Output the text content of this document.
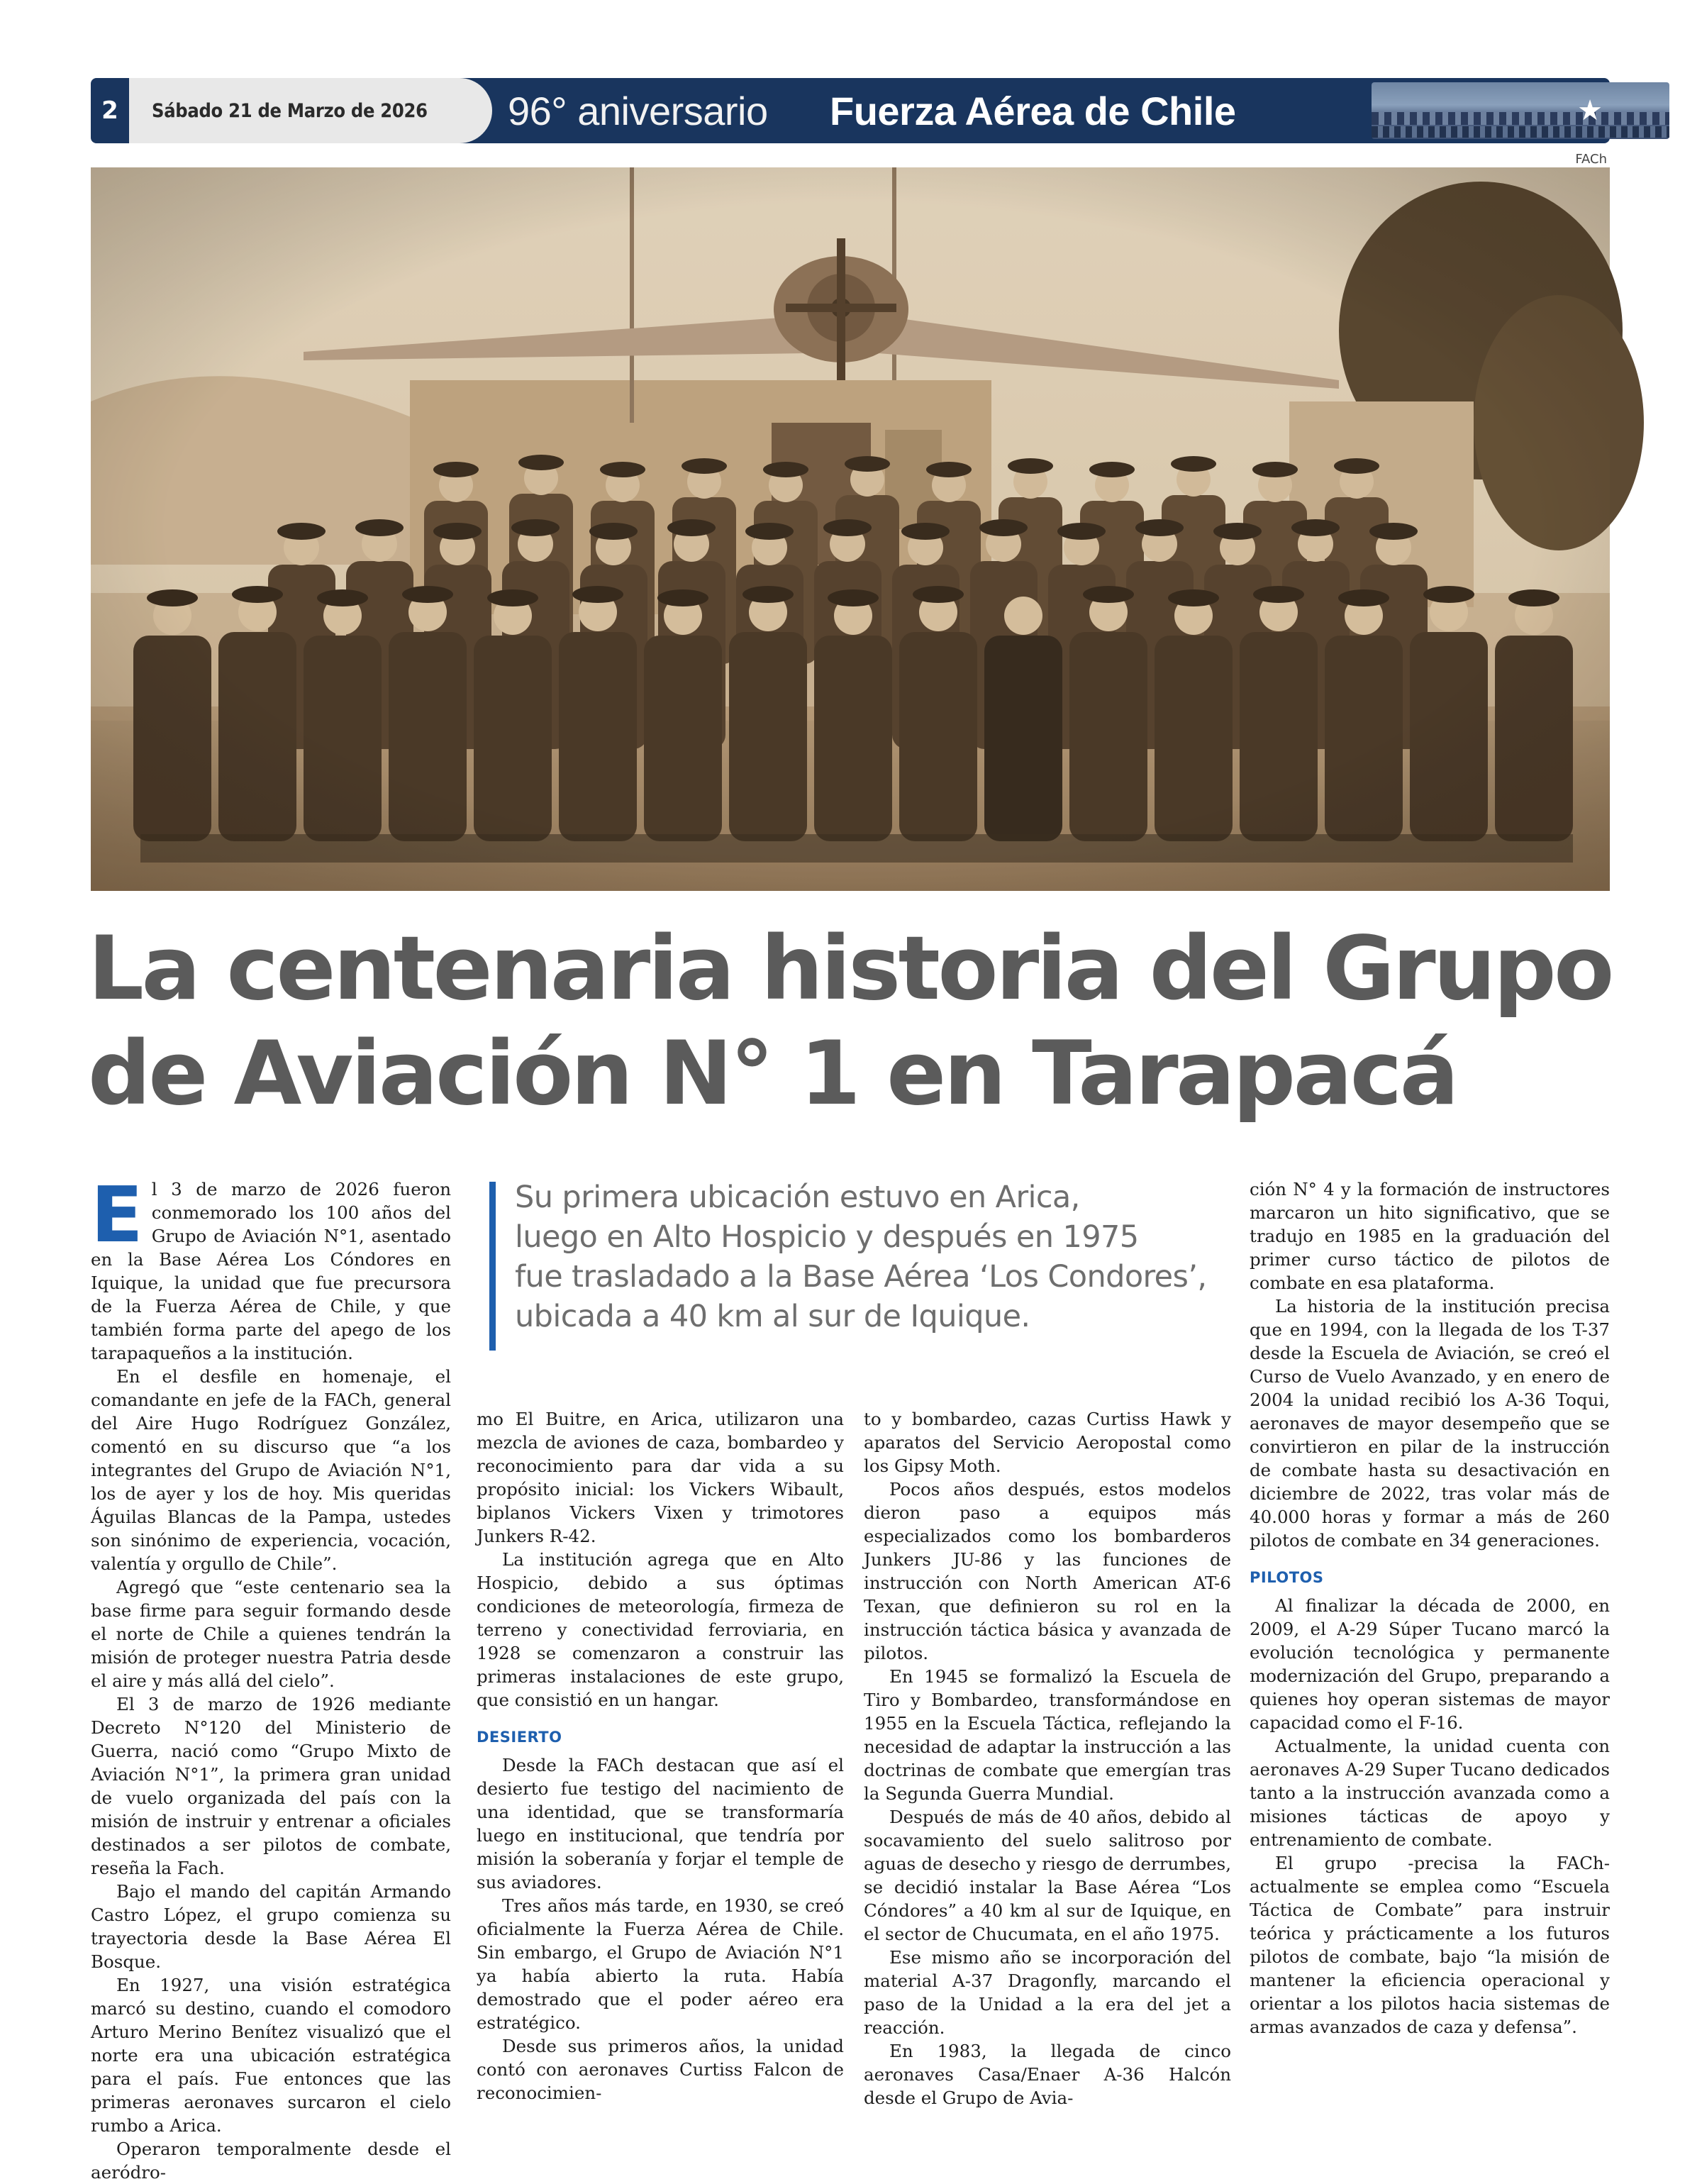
2	Sábado 21 de Marzo de 2026	96° aniversario Fuerza Aérea de Chile	★
FACh
La centenaria historia del Grupo
de Aviación N° 1 en Tarapacá
Su primera ubicación estuvo en Arica,
luego en Alto Hospicio y después en 1975
fue trasladado a la Base Aérea ‘Los Condores’,
ubicada a 40 km al sur de Iquique.

El 3 de marzo de 2026 fueron conmemorado los 100 años del Grupo de Aviación N°1, asentado en la Base Aérea Los Cóndores en Iquique, la unidad que fue precursora de la Fuerza Aérea de Chile, y que también forma parte del apego de los tarapaqueños a la institución.

En el desfile en homenaje, el comandante en jefe de la FACh, general del Aire Hugo Rodríguez González, comentó en su discurso que “a los integrantes del Grupo de Aviación N°1, los de ayer y los de hoy. Mis queridas Águilas Blancas de la Pampa, ustedes son sinónimo de experiencia, vocación, valentía y orgullo de Chile”.

Agregó que “este centenario sea la base firme para seguir formando desde el norte de Chile a quienes tendrán la misión de proteger nuestra Patria desde el aire y más allá del cielo”.

El 3 de marzo de 1926 mediante Decreto N°120 del Ministerio de Guerra, nació como “Grupo Mixto de Aviación N°1”, la primera gran unidad de vuelo organizada del país con la misión de instruir y entrenar a oficiales destinados a ser pilotos de combate, reseña la Fach.

Bajo el mando del capitán Armando Castro López, el grupo comienza su trayectoria desde la Base Aérea El Bosque.

En 1927, una visión estratégica marcó su destino, cuando el comodoro Arturo Merino Benítez visualizó que el norte era una ubicación estratégica para el país. Fue entonces que las primeras aeronaves surcaron el cielo rumbo a Arica.

Operaron temporalmente desde el aeródro-

mo El Buitre, en Arica, utilizaron una mezcla de aviones de caza, bombardeo y reconocimiento para dar vida a su propósito inicial: los Vickers Wibault, biplanos Vickers Vixen y trimotores Junkers R-42.

La institución agrega que en Alto Hospicio, debido a sus óptimas condiciones de meteorología, firmeza de terreno y conectividad ferroviaria, en 1928 se comenzaron a construir las primeras instalaciones de este grupo, que consistió en un hangar.

DESIERTO

Desde la FACh destacan que así el desierto fue testigo del nacimiento de una identidad, que se transformaría luego en institucional, que tendría por misión la soberanía y forjar el temple de sus aviadores.

Tres años más tarde, en 1930, se creó oficialmente la Fuerza Aérea de Chile. Sin embargo, el Grupo de Aviación N°1 ya había abierto la ruta. Había demostrado que el poder aéreo era estratégico.

Desde sus primeros años, la unidad contó con aeronaves Curtiss Falcon de reconocimien-

to y bombardeo, cazas Curtiss Hawk y aparatos del Servicio Aeropostal como los Gipsy Moth.

Pocos años después, estos modelos dieron paso a equipos más especializados como los bombarderos Junkers JU-86 y las funciones de instrucción con North American AT-6 Texan, que definieron su rol en la instrucción táctica básica y avanzada de pilotos.

En 1945 se formalizó la Escuela de Tiro y Bombardeo, transformándose en 1955 en la Escuela Táctica, reflejando la necesidad de adaptar la instrucción a las doctrinas de combate que emergían tras la Segunda Guerra Mundial.

Después de más de 40 años, debido al socavamiento del suelo salitroso por aguas de desecho y riesgo de derrumbes, se decidió instalar la Base Aérea “Los Cóndores” a 40 km al sur de Iquique, en el sector de Chucumata, en el año 1975.

Ese mismo año se incorporación del material A-37 Dragonfly, marcando el paso de la Unidad a la era del jet a reacción.

En 1983, la llegada de cinco aeronaves Casa/Enaer A-36 Halcón desde el Grupo de Avia-

ción N° 4 y la formación de instructores marcaron un hito significativo, que se tradujo en 1985 en la graduación del primer curso táctico de pilotos de combate en esa plataforma.

La historia de la institución precisa que en 1994, con la llegada de los T-37 desde la Escuela de Aviación, se creó el Curso de Vuelo Avanzado, y en enero de 2004 la unidad recibió los A-36 Toqui, aeronaves de mayor desempeño que se convirtieron en pilar de la instrucción de combate hasta su desactivación en diciembre de 2022, tras volar más de 40.000 horas y formar a más de 260 pilotos de combate en 34 generaciones.

PILOTOS

Al finalizar la década de 2000, en 2009, el A-29 Súper Tucano marcó la evolución tecnológica y permanente modernización del Grupo, preparando a quienes hoy operan sistemas de mayor capacidad como el F-16.

Actualmente, la unidad cuenta con aeronaves A-29 Super Tucano dedicados tanto a la instrucción avanzada como a misiones tácticas de apoyo y entrenamiento de combate.

El grupo -precisa la FACh- actualmente se emplea como “Escuela Táctica de Combate” para instruir teórica y prácticamente a los futuros pilotos de combate, bajo “la misión de mantener la eficiencia operacional y orientar a los pilotos hacia sistemas de armas avanzados de caza y defensa”.
